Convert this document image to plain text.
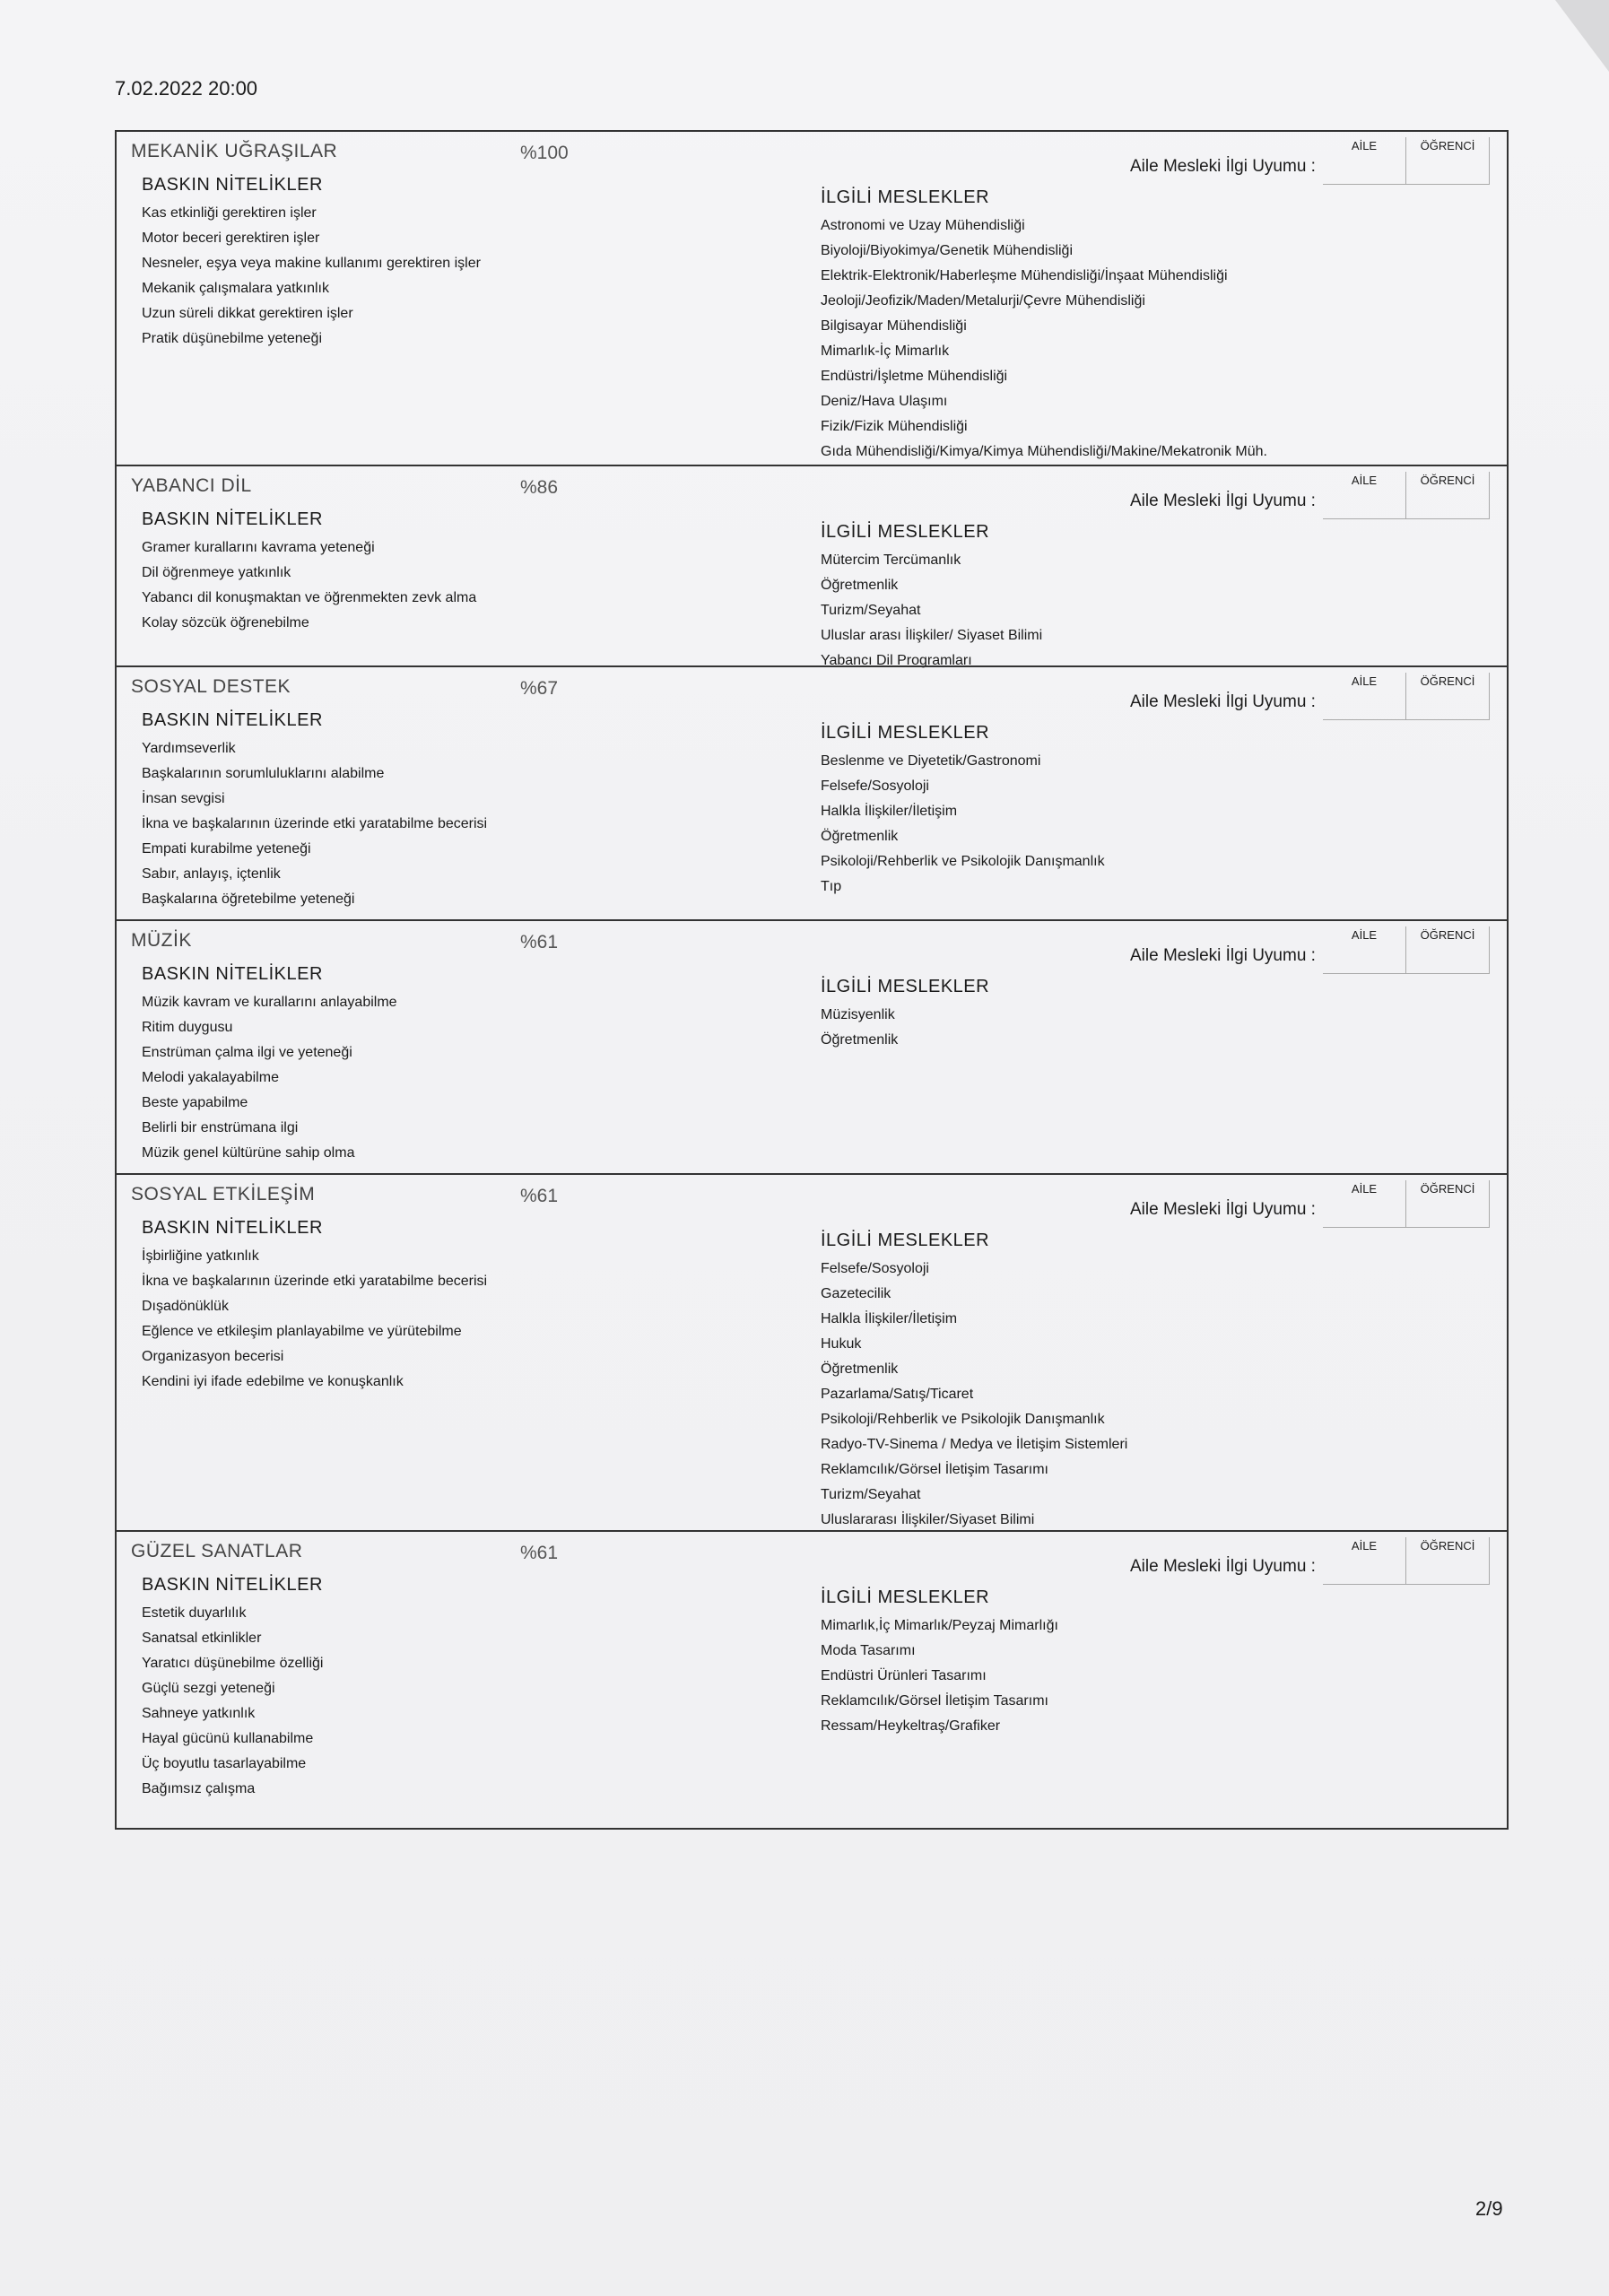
7.02.2022 20:00
MEKANİK UĞRAŞILAR	%100
Aile Mesleki İlgi Uyumu :
AİLE	ÖĞRENCİ
BASKIN NİTELİKLER
Kas etkinliği gerektiren işler
Motor beceri gerektiren işler
Nesneler, eşya veya makine kullanımı gerektiren işler
Mekanik çalışmalara yatkınlık
Uzun süreli dikkat gerektiren işler
Pratik düşünebilme yeteneği
İLGİLİ MESLEKLER
Astronomi ve Uzay Mühendisliği
Biyoloji/Biyokimya/Genetik Mühendisliği
Elektrik-Elektronik/Haberleşme Mühendisliği/İnşaat Mühendisliği
Jeoloji/Jeofizik/Maden/Metalurji/Çevre Mühendisliği
Bilgisayar Mühendisliği
Mimarlık-İç Mimarlık
Endüstri/İşletme Mühendisliği
Deniz/Hava Ulaşımı
Fizik/Fizik Mühendisliği
Gıda Mühendisliği/Kimya/Kimya Mühendisliği/Makine/Mekatronik Müh.
YABANCI DİL	%86
Aile Mesleki İlgi Uyumu :
AİLE	ÖĞRENCİ
BASKIN NİTELİKLER
Gramer kurallarını kavrama yeteneği
Dil öğrenmeye yatkınlık
Yabancı dil konuşmaktan ve öğrenmekten zevk alma
Kolay sözcük öğrenebilme
İLGİLİ MESLEKLER
Mütercim Tercümanlık
Öğretmenlik
Turizm/Seyahat
Uluslar arası İlişkiler/ Siyaset Bilimi
Yabancı Dil Programları
SOSYAL DESTEK	%67
Aile Mesleki İlgi Uyumu :
AİLE	ÖĞRENCİ
BASKIN NİTELİKLER
Yardımseverlik
Başkalarının sorumluluklarını alabilme
İnsan sevgisi
İkna ve başkalarının üzerinde etki yaratabilme becerisi
Empati kurabilme yeteneği
Sabır, anlayış, içtenlik
Başkalarına öğretebilme yeteneği
İLGİLİ MESLEKLER
Beslenme ve Diyetetik/Gastronomi
Felsefe/Sosyoloji
Halkla İlişkiler/İletişim
Öğretmenlik
Psikoloji/Rehberlik ve Psikolojik Danışmanlık
Tıp
MÜZİK	%61
Aile Mesleki İlgi Uyumu :
AİLE	ÖĞRENCİ
BASKIN NİTELİKLER
Müzik kavram ve kurallarını anlayabilme
Ritim duygusu
Enstrüman çalma ilgi ve yeteneği
Melodi yakalayabilme
Beste yapabilme
Belirli bir enstrümana ilgi
Müzik genel kültürüne sahip olma
İLGİLİ MESLEKLER
Müzisyenlik
Öğretmenlik
SOSYAL ETKİLEŞİM	%61
Aile Mesleki İlgi Uyumu :
AİLE	ÖĞRENCİ
BASKIN NİTELİKLER
İşbirliğine yatkınlık
İkna ve başkalarının üzerinde etki yaratabilme becerisi
Dışadönüklük
Eğlence ve etkileşim planlayabilme ve yürütebilme
Organizasyon becerisi
Kendini iyi ifade edebilme ve konuşkanlık
İLGİLİ MESLEKLER
Felsefe/Sosyoloji
Gazetecilik
Halkla İlişkiler/İletişim
Hukuk
Öğretmenlik
Pazarlama/Satış/Ticaret
Psikoloji/Rehberlik ve Psikolojik Danışmanlık
Radyo-TV-Sinema / Medya ve İletişim Sistemleri
Reklamcılık/Görsel İletişim Tasarımı
Turizm/Seyahat
Uluslararası İlişkiler/Siyaset Bilimi
GÜZEL SANATLAR	%61
Aile Mesleki İlgi Uyumu :
AİLE	ÖĞRENCİ
BASKIN NİTELİKLER
Estetik duyarlılık
Sanatsal etkinlikler
Yaratıcı düşünebilme özelliği
Güçlü sezgi yeteneği
Sahneye yatkınlık
Hayal gücünü kullanabilme
Üç boyutlu tasarlayabilme
Bağımsız çalışma
İLGİLİ MESLEKLER
Mimarlık,İç Mimarlık/Peyzaj Mimarlığı
Moda Tasarımı
Endüstri Ürünleri Tasarımı
Reklamcılık/Görsel İletişim Tasarımı
Ressam/Heykeltraş/Grafiker
2/9
